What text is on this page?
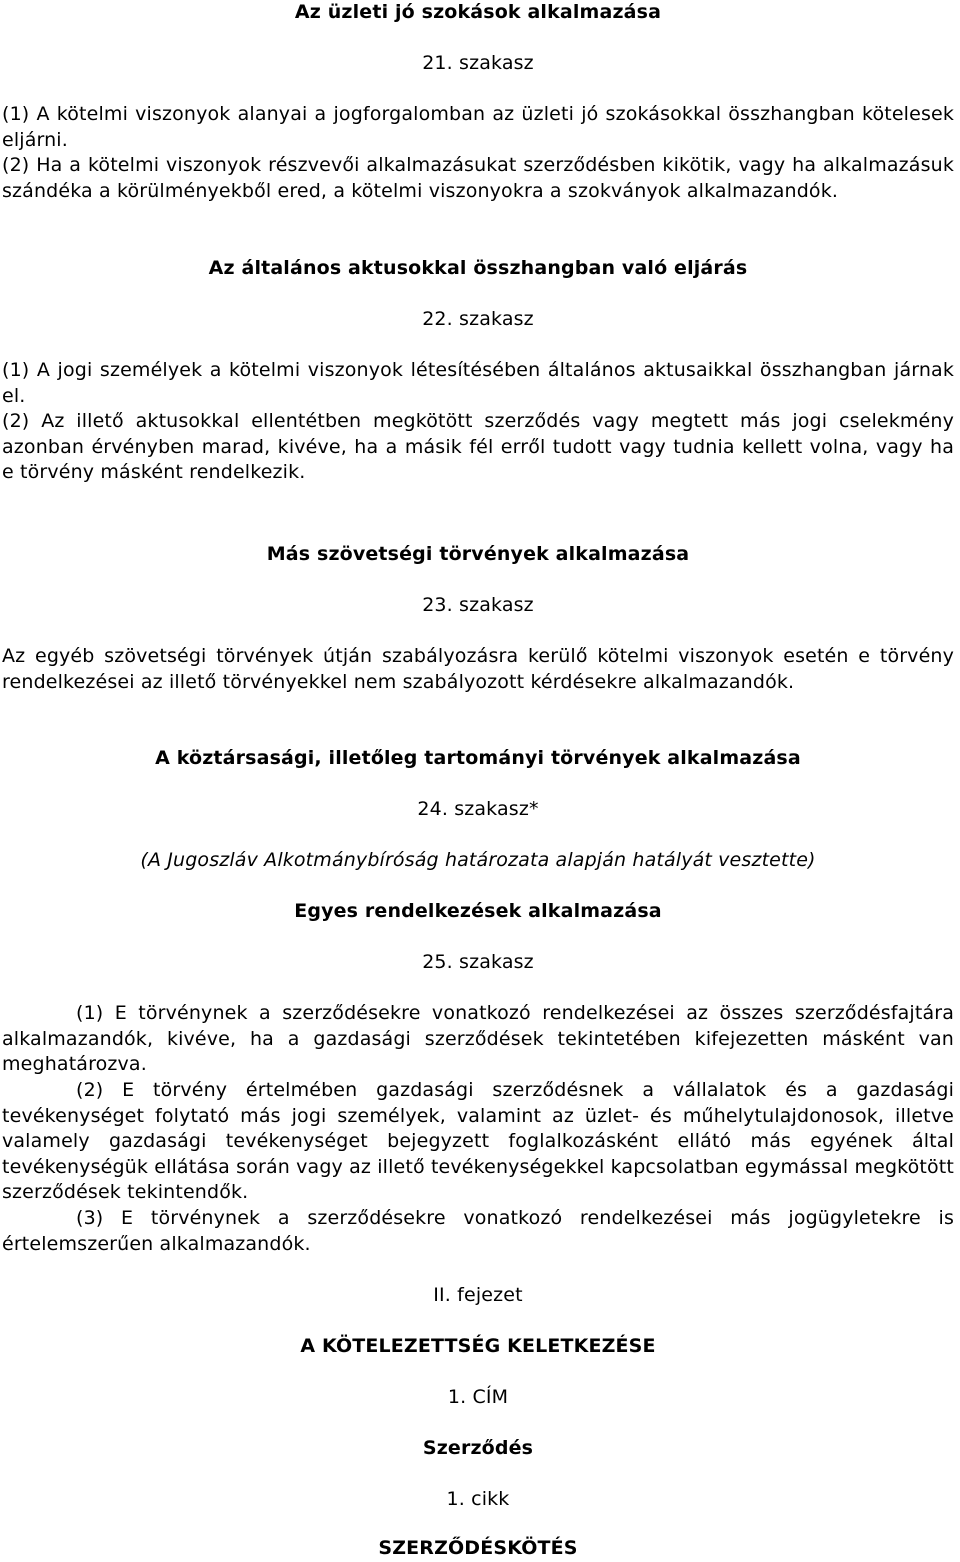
Az üzleti jó szokások alkalmazása
21. szakasz
(1) A kötelmi viszonyok alanyai a jogforgalomban az üzleti jó szokásokkal összhangban kötelesek eljárni.
(2) Ha a kötelmi viszonyok részvevői alkalmazásukat szerződésben kikötik, vagy ha alkalmazásuk szándéka a körülményekből ered, a kötelmi viszonyokra a szokványok alkalmazandók.
Az általános aktusokkal összhangban való eljárás
22. szakasz
(1) A jogi személyek a kötelmi viszonyok létesítésében általános aktusaikkal összhangban járnak el.
(2) Az illető aktusokkal ellentétben megkötött szerződés vagy megtett más jogi cselekmény azonban érvényben marad, kivéve, ha a másik fél erről tudott vagy tudnia kellett volna, vagy ha e törvény másként rendelkezik.
Más szövetségi törvények alkalmazása
23. szakasz
Az egyéb szövetségi törvények útján szabályozásra kerülő kötelmi viszonyok esetén e törvény rendelkezései az illető törvényekkel nem szabályozott kérdésekre alkalmazandók.
A köztársasági, illetőleg tartományi törvények alkalmazása
24. szakasz*
(A Jugoszláv Alkotmánybíróság határozata alapján hatályát vesztette)
Egyes rendelkezések alkalmazása
25. szakasz
(1) E törvénynek a szerződésekre vonatkozó rendelkezései az összes szerződésfajtára alkalmazandók, kivéve, ha a gazdasági szerződések tekintetében kifejezetten másként van meghatározva.
(2) E törvény értelmében gazdasági szerződésnek a vállalatok és a gazdasági tevékenységet folytató más jogi személyek, valamint az üzlet- és műhelytulajdonosok, illetve valamely gazdasági tevékenységet bejegyzett foglalkozásként ellátó más egyének által tevékenységük ellátása során vagy az illető tevékenységekkel kapcsolatban egymással megkötött szerződések tekintendők.
(3) E törvénynek a szerződésekre vonatkozó rendelkezései más jogügyletekre is értelemszerűen alkalmazandók.
II. fejezet
A KÖTELEZETTSÉG KELETKEZÉSE
1. CÍM
Szerződés
1. cikk
SZERZŐDÉSKÖTÉS
